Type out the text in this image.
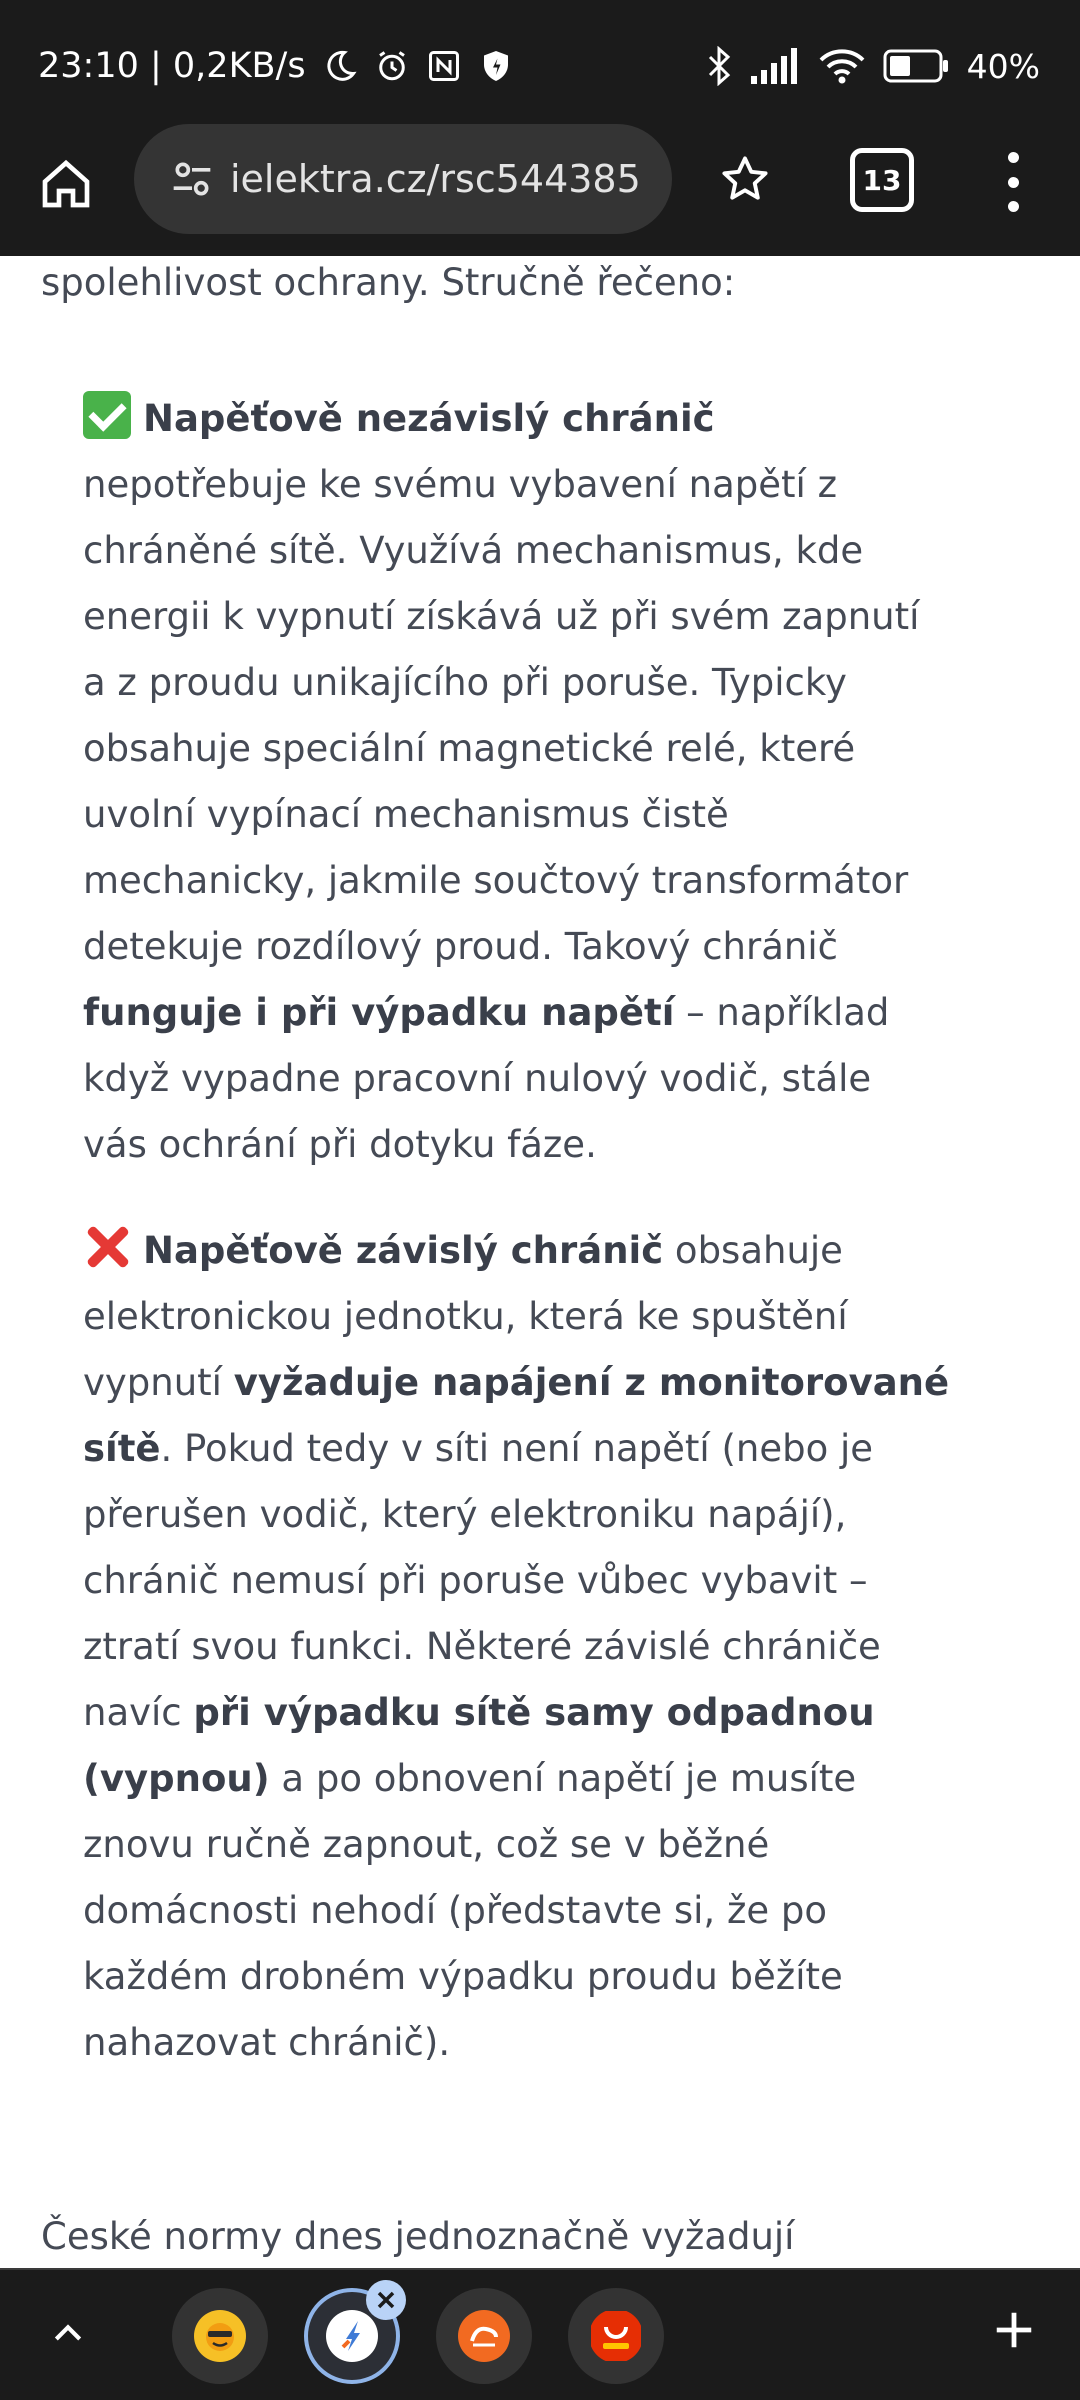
23:10 | 0,2KB/s	40%
ielektra.cz/rsc544385	13
spolehlivost ochrany. Stručně řečeno:
Napěťově nezávislý chránič
nepotřebuje ke svému vybavení napětí z
chráněné sítě. Využívá mechanismus, kde
energii k vypnutí získává už při svém zapnutí
a z proudu unikajícího při poruše. Typicky
obsahuje speciální magnetické relé, které
uvolní vypínací mechanismus čistě
mechanicky, jakmile součtový transformátor
detekuje rozdílový proud. Takový chránič
funguje i při výpadku napětí – například
když vypadne pracovní nulový vodič, stále
vás ochrání při dotyku fáze.
Napěťově závislý chránič obsahuje
elektronickou jednotku, která ke spuštění
vypnutí vyžaduje napájení z monitorované
sítě. Pokud tedy v síti není napětí (nebo je
přerušen vodič, který elektroniku napájí),
chránič nemusí při poruše vůbec vybavit –
ztratí svou funkci. Některé závislé chrániče
navíc při výpadku sítě samy odpadnou
(vypnou) a po obnovení napětí je musíte
znovu ručně zapnout, což se v běžné
domácnosti nehodí (představte si, že po
každém drobném výpadku proudu běžíte
nahazovat chránič).
České normy dnes jednoznačně vyžadují
